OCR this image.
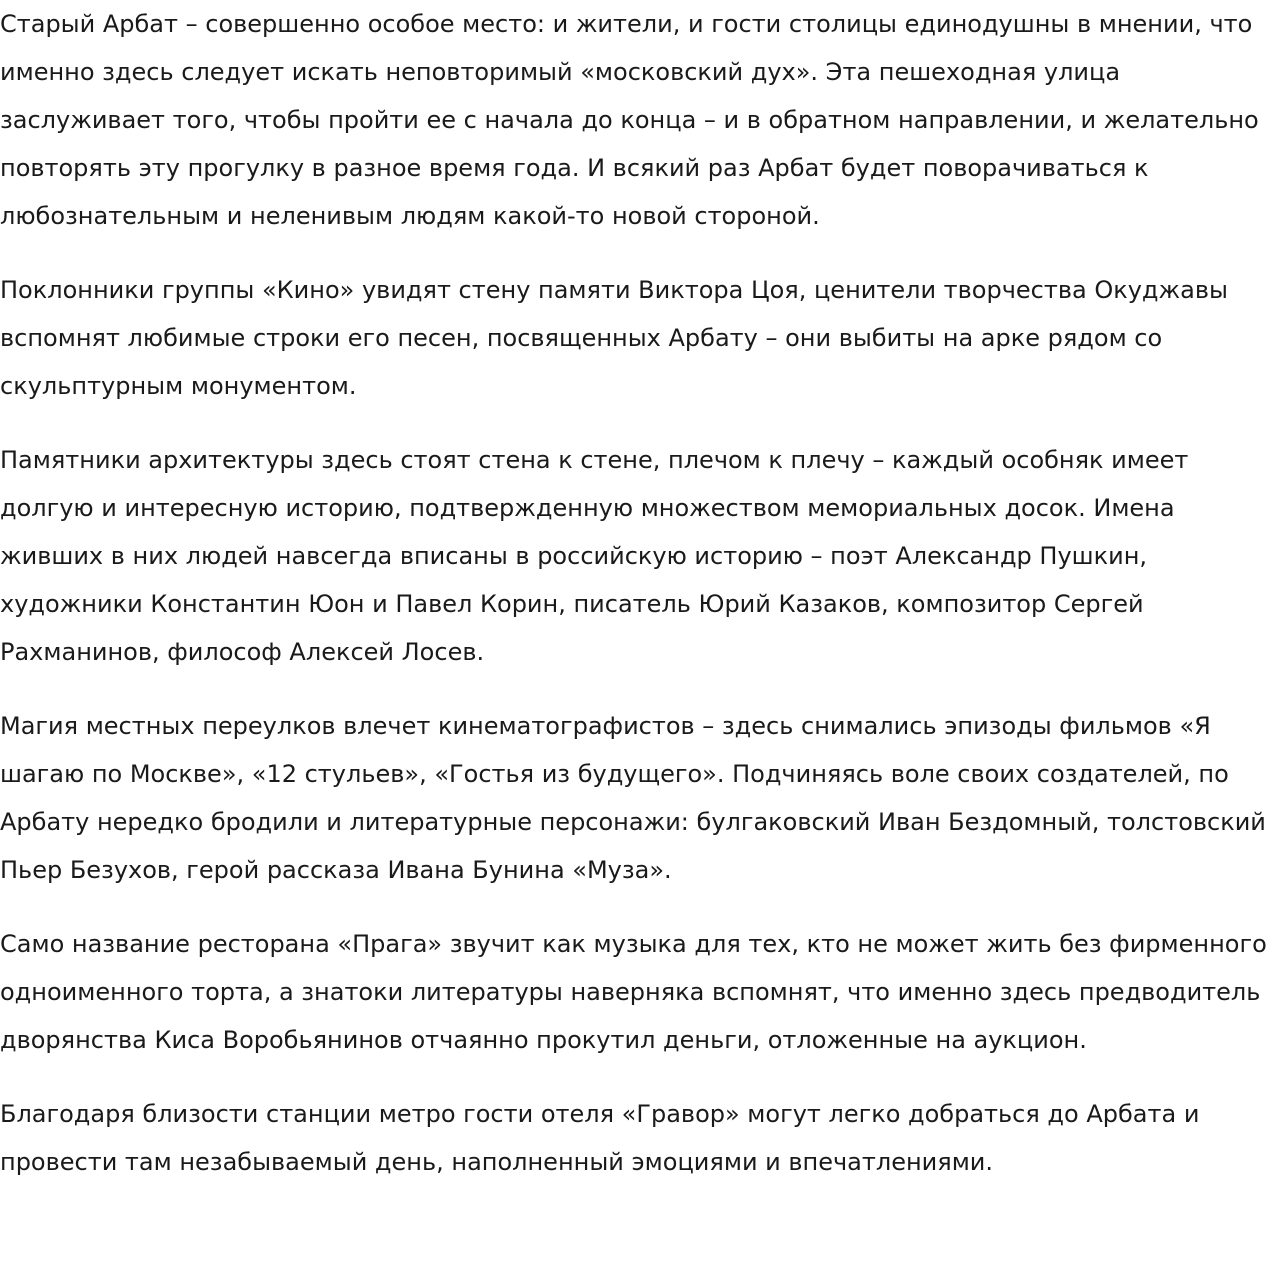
Старый Арбат – совершенно особое место: и жители, и гости столицы единодушны в мнении, что именно здесь следует искать неповторимый «московский дух». Эта пешеходная улица заслуживает того, чтобы пройти ее с начала до конца – и в обратном направлении, и желательно повторять эту прогулку в разное время года. И всякий раз Арбат будет поворачиваться к любознательным и неленивым людям какой-то новой стороной.

Поклонники группы «Кино» увидят стену памяти Виктора Цоя, ценители творчества Окуджавы вспомнят любимые строки его песен, посвященных Арбату – они выбиты на арке рядом со скульптурным монументом.

Памятники архитектуры здесь стоят стена к стене, плечом к плечу – каждый особняк имеет долгую и интересную историю, подтвержденную множеством мемориальных досок. Имена живших в них людей навсегда вписаны в российскую историю – поэт Александр Пушкин, художники Константин Юон и Павел Корин, писатель Юрий Казаков, композитор Сергей Рахманинов, философ Алексей Лосев.

Магия местных переулков влечет кинематографистов – здесь снимались эпизоды фильмов «Я шагаю по Москве», «12 стульев», «Гостья из будущего». Подчиняясь воле своих создателей, по Арбату нередко бродили и литературные персонажи: булгаковский Иван Бездомный, толстовский Пьер Безухов, герой рассказа Ивана Бунина «Муза».

Само название ресторана «Прага» звучит как музыка для тех, кто не может жить без фирменного одноименного торта, а знатоки литературы наверняка вспомнят, что именно здесь предводитель дворянства Киса Воробьянинов отчаянно прокутил деньги, отложенные на аукцион.

Благодаря близости станции метро гости отеля «Гравор» могут легко добраться до Арбата и провести там незабываемый день, наполненный эмоциями и впечатлениями.
